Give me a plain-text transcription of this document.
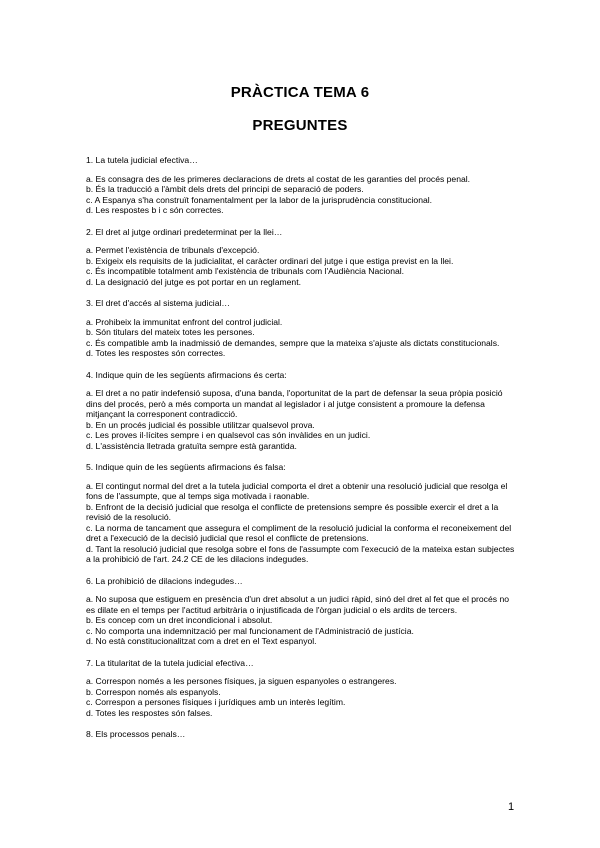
PRÀCTICA TEMA 6
PREGUNTES
1. La tutela judicial efectiva…
a. Es consagra des de les primeres declaracions de drets al costat de les garanties del procés penal.
b. És la traducció a l'àmbit dels drets del principi de separació de poders.
c. A Espanya s'ha construït fonamentalment per la labor de la jurisprudència constitucional.
d. Les respostes b i c són correctes.
2. El dret al jutge ordinari predeterminat per la llei…
a. Permet l'existència de tribunals d'excepció.
b. Exigeix els requisits de la judicialitat, el caràcter ordinari del jutge i que estiga previst en la llei.
c. És incompatible totalment amb l'existència de tribunals com l'Audiència Nacional.
d. La designació del jutge es pot portar en un reglament.
3. El dret d'accés al sistema judicial…
a. Prohibeix la immunitat enfront del control judicial.
b. Són titulars del mateix totes les persones.
c. És compatible amb la inadmissió de demandes, sempre que la mateixa s'ajuste als dictats constitucionals.
d. Totes les respostes són correctes.
4. Indique quin de les següents afirmacions és certa:
a. El dret a no patir indefensió suposa, d'una banda, l'oportunitat de la part de defensar la seua pròpia posició dins del procés, però a més comporta un mandat al legislador i al jutge consistent a promoure la defensa mitjançant la corresponent contradicció.
b. En un procés judicial és possible utilitzar qualsevol prova.
c. Les proves il·lícites sempre i en qualsevol cas són invàlides en un judici.
d. L'assistència lletrada gratuïta sempre està garantida.
5. Indique quin de les següents afirmacions és falsa:
a. El contingut normal del dret a la tutela judicial comporta el dret a obtenir una resolució judicial que resolga el fons de l'assumpte, que al temps siga motivada i raonable.
b. Enfront de la decisió judicial que resolga el conflicte de pretensions sempre és possible exercir el dret a la revisió de la resolució.
c. La norma de tancament que assegura el compliment de la resolució judicial la conforma el reconeixement del dret a l'execució de la decisió judicial que resol el conflicte de pretensions.
d. Tant la resolució judicial que resolga sobre el fons de l'assumpte com l'execució de la mateixa estan subjectes a la prohibició de l'art. 24.2 CE de les dilacions indegudes.
6. La prohibició de dilacions indegudes…
a. No suposa que estiguem en presència d'un dret absolut a un judici ràpid, sinó del dret al fet que el procés no es dilate en el temps per l'actitud arbitrària o injustificada de l'òrgan judicial o els ardits de tercers.
b. Es concep com un dret incondicional i absolut.
c. No comporta una indemnització per mal funcionament de l'Administració de justícia.
d. No està constitucionalitzat com a dret en el Text espanyol.
7. La titularitat de la tutela judicial efectiva…
a. Correspon només a les persones físiques, ja siguen espanyoles o estrangeres.
b. Correspon només als espanyols.
c. Correspon a persones físiques i jurídiques amb un interès legítim.
d. Totes les respostes són falses.
8. Els processos penals…
1
